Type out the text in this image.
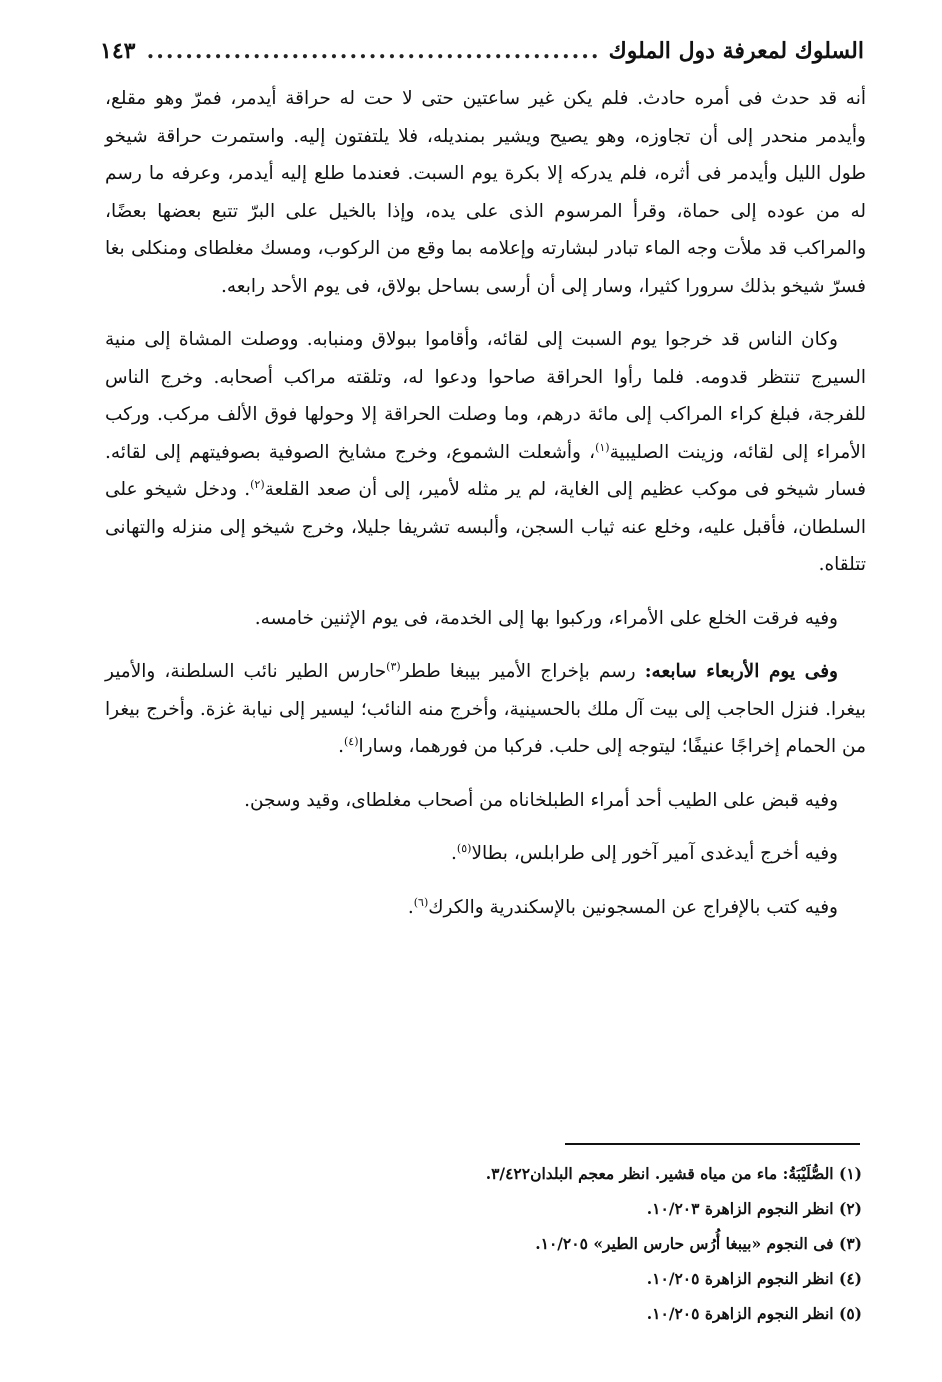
السلوك لمعرفة دول الملوك
.....
١٤٣

أنه قد حدث فى أمره حادث. فلم يكن غير ساعتين حتى لا حت له حراقة أيدمر، فمرّ وهو مقلع، وأيدمر منحدر إلى أن تجاوزه، وهو يصيح ويشير بمنديله، فلا يلتفتون إليه. واستمرت حراقة شيخو طول الليل وأيدمر فى أثره، فلم يدركه إلا بكرة يوم السبت. فعندما طلع إليه أيدمر، وعرفه ما رسم له من عوده إلى حماة، وقرأ المرسوم الذى على يده، وإذا بالخيل على البرّ تتبع بعضها بعضًا، والمراكب قد ملأت وجه الماء تبادر لبشارته وإعلامه بما وقع من الركوب، ومسك مغلطاى ومنكلى بغا فسرّ شيخو بذلك سرورا كثيرا، وسار إلى أن أرسى بساحل بولاق، فى يوم الأحد رابعه.

وكان الناس قد خرجوا يوم السبت إلى لقائه، وأقاموا ببولاق ومنبابه. ووصلت المشاة إلى منية السيرج تنتظر قدومه. فلما رأوا الحراقة صاحوا ودعوا له، وتلقته مراكب أصحابه. وخرج الناس للفرجة، فبلغ كراء المراكب إلى مائة درهم، وما وصلت الحراقة إلا وحولها فوق الألف مركب. وركب الأمراء إلى لقائه، وزينت الصليبية$^{(١)}$، وأشعلت الشموع، وخرج مشايخ الصوفية بصوفيتهم إلى لقائه. فسار شيخو فى موكب عظيم إلى الغاية، لم ير مثله لأمير، إلى أن صعد القلعة$^{(٢)}$. ودخل شيخو على السلطان، فأقبل عليه، وخلع عنه ثياب السجن، وألبسه تشريفا جليلا، وخرج شيخو إلى منزله والتهانى تتلقاه.

وفيه فرقت الخلع على الأمراء، وركبوا بها إلى الخدمة، فى يوم الإثنين خامسه.

وفى يوم الأربعاء سابعه: رسم بإخراج الأمير بيبغا ططر$^{(٣)}$حارس الطير نائب السلطنة، والأمير بيغرا. فنزل الحاجب إلى بيت آل ملك بالحسينية، وأخرج منه النائب؛ ليسير إلى نيابة غزة. وأخرج بيغرا من الحمام إخراجًا عنيفًا؛ ليتوجه إلى حلب. فركبا من فورهما، وسارا$^{(٤)}$.

وفيه قبض على الطيب أحد أمراء الطبلخاناه من أصحاب مغلطاى، وقيد وسجن.

وفيه أخرج أيدغدى آمير آخور إلى طرابلس، بطالا$^{(٥)}$.

وفيه كتب بالإفراج عن المسجونين بالإسكندرية والكرك$^{(٦)}$.

(١) الصُّلَيْبَةُ: ماء من مياه قشير. انظر معجم البلدان٣/٤٢٢.
(٢) انظر النجوم الزاهرة ١٠/٢٠٣.
(٣) فى النجوم «بيبغا أُرُس حارس الطير» ١٠/٢٠٥.
(٤) انظر النجوم الزاهرة ١٠/٢٠٥.
(٥) انظر النجوم الزاهرة ١٠/٢٠٥.
